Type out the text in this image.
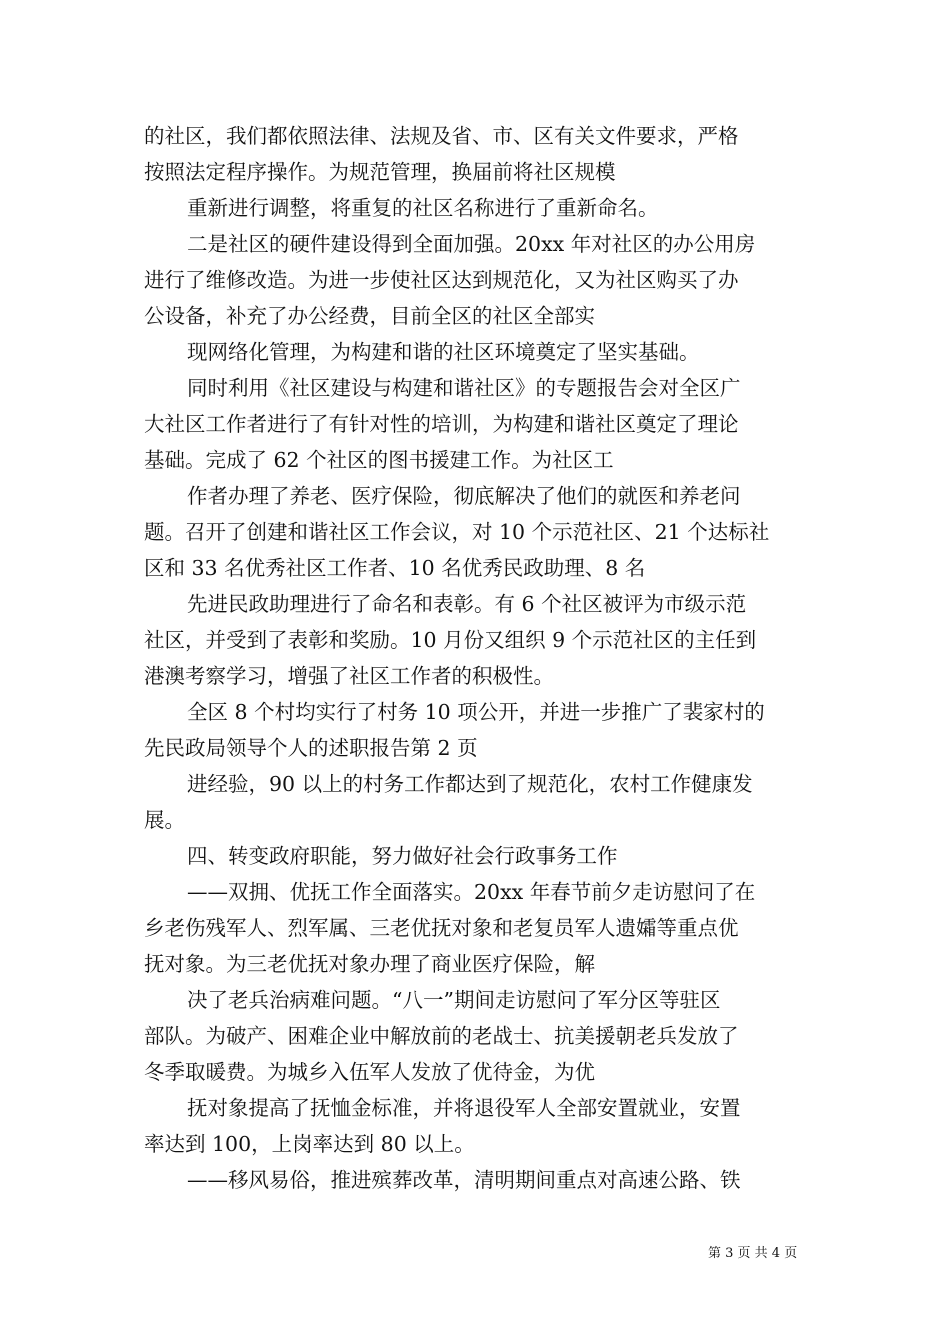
的社区，我们都依照法律、法规及省、市、区有关文件要求，严格
按照法定程序操作。为规范管理，换届前将社区规模
重新进行调整，将重复的社区名称进行了重新命名。
二是社区的硬件建设得到全面加强。20xx 年对社区的办公用房
进行了维修改造。为进一步使社区达到规范化，又为社区购买了办
公设备，补充了办公经费，目前全区的社区全部实
现网络化管理，为构建和谐的社区环境奠定了坚实基础。
同时利用《社区建设与构建和谐社区》的专题报告会对全区广
大社区工作者进行了有针对性的培训，为构建和谐社区奠定了理论
基础。完成了 62 个社区的图书援建工作。为社区工
作者办理了养老、医疗保险，彻底解决了他们的就医和养老问
题。召开了创建和谐社区工作会议，对 10 个示范社区、21 个达标社
区和 33 名优秀社区工作者、10 名优秀民政助理、8 名
先进民政助理进行了命名和表彰。有 6 个社区被评为市级示范
社区，并受到了表彰和奖励。10 月份又组织 9 个示范社区的主任到
港澳考察学习，增强了社区工作者的积极性。
全区 8 个村均实行了村务 10 项公开，并进一步推广了裴家村的
先民政局领导个人的述职报告第 2 页
进经验，90 以上的村务工作都达到了规范化，农村工作健康发
展。
四、转变政府职能，努力做好社会行政事务工作
——双拥、优抚工作全面落实。20xx 年春节前夕走访慰问了在
乡老伤残军人、烈军属、三老优抚对象和老复员军人遗孀等重点优
抚对象。为三老优抚对象办理了商业医疗保险，解
决了老兵治病难问题。“八一”期间走访慰问了军分区等驻区
部队。为破产、困难企业中解放前的老战士、抗美援朝老兵发放了
冬季取暖费。为城乡入伍军人发放了优待金，为优
抚对象提高了抚恤金标准，并将退役军人全部安置就业，安置
率达到 100，上岗率达到 80 以上。
——移风易俗，推进殡葬改革，清明期间重点对高速公路、铁
第 3 页 共 4 页
